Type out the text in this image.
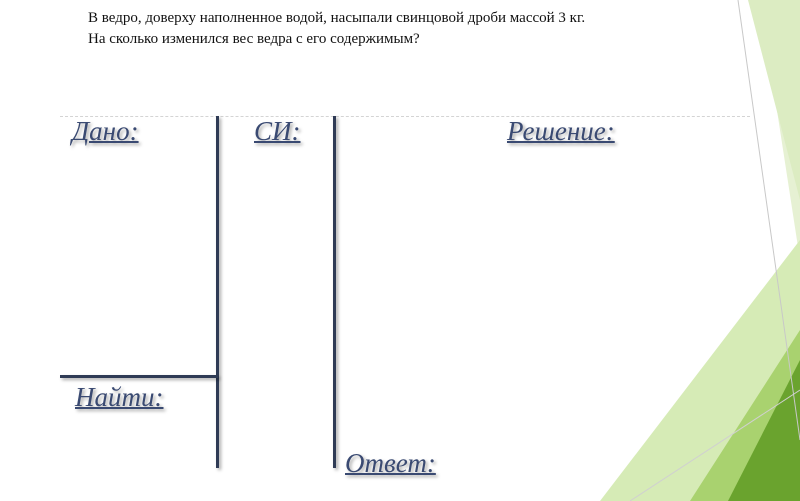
В ведро, доверху наполненное водой, насыпали свинцовой дроби массой 3 кг.
На сколько изменился вес ведра с его содержимым?
Дано:	СИ:	Решение:
Найти:
Ответ:
